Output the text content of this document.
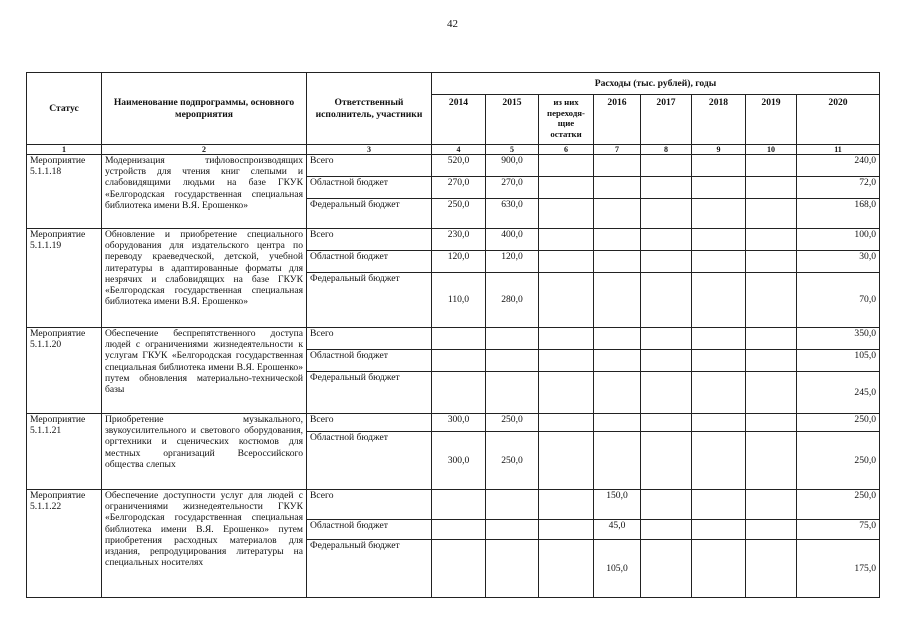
42
Статус	Наименование подпрограммы, основного мероприятия	Ответственный исполнитель, участники	Расходы (тыс. рублей), годы							
			2014	2015	из них переходя-щие остатки	2016	2017	2018	2019	2020
1	2	3	4	5	6	7	8	9	10	11
Мероприятие 5.1.1.18	Модернизация тифловоспроизводящих устройств для чтения книг слепыми и слабовидящими людьми на базе ГКУК «Белгородская государственная специальная библиотека имени В.Я. Ерошенко»	Всего	520,0	900,0						240,0
		Областной бюджет	270,0	270,0						72,0
		Федеральный бюджет	250,0	630,0						168,0
Мероприятие 5.1.1.19	Обновление и приобретение специального оборудования для издательского центра по переводу краеведческой, детской, учебной литературы в адаптированные форматы для незрячих и слабовидящих на базе ГКУК «Белгородская государственная специальная библиотека имени В.Я. Ерошенко»	Всего	230,0	400,0						100,0
		Областной бюджет	120,0	120,0						30,0
		Федеральный бюджет	110,0	280,0						70,0
Мероприятие 5.1.1.20	Обеспечение беспрепятственного доступа людей с ограничениями жизнедеятельности к услугам ГКУК «Белгородская государственная специальная библиотека имени В.Я. Ерошенко» путем обновления материально-технической базы	Всего								350,0
		Областной бюджет								105,0
		Федеральный бюджет								245,0
Мероприятие 5.1.1.21	Приобретение музыкального, звукоусилительного и светового оборудования, оргтехники и сценических костюмов для местных организаций Всероссийского общества слепых	Всего	300,0	250,0						250,0
		Областной бюджет	300,0	250,0						250,0
Мероприятие 5.1.1.22	Обеспечение доступности услуг для людей с ограничениями жизнедеятельности ГКУК «Белгородская государственная специальная библиотека имени В.Я. Ерошенко» путем приобретения расходных материалов для издания, репродуцирования литературы на специальных носителях	Всего				150,0				250,0
		Областной бюджет				45,0				75,0
		Федеральный бюджет				105,0				175,0
